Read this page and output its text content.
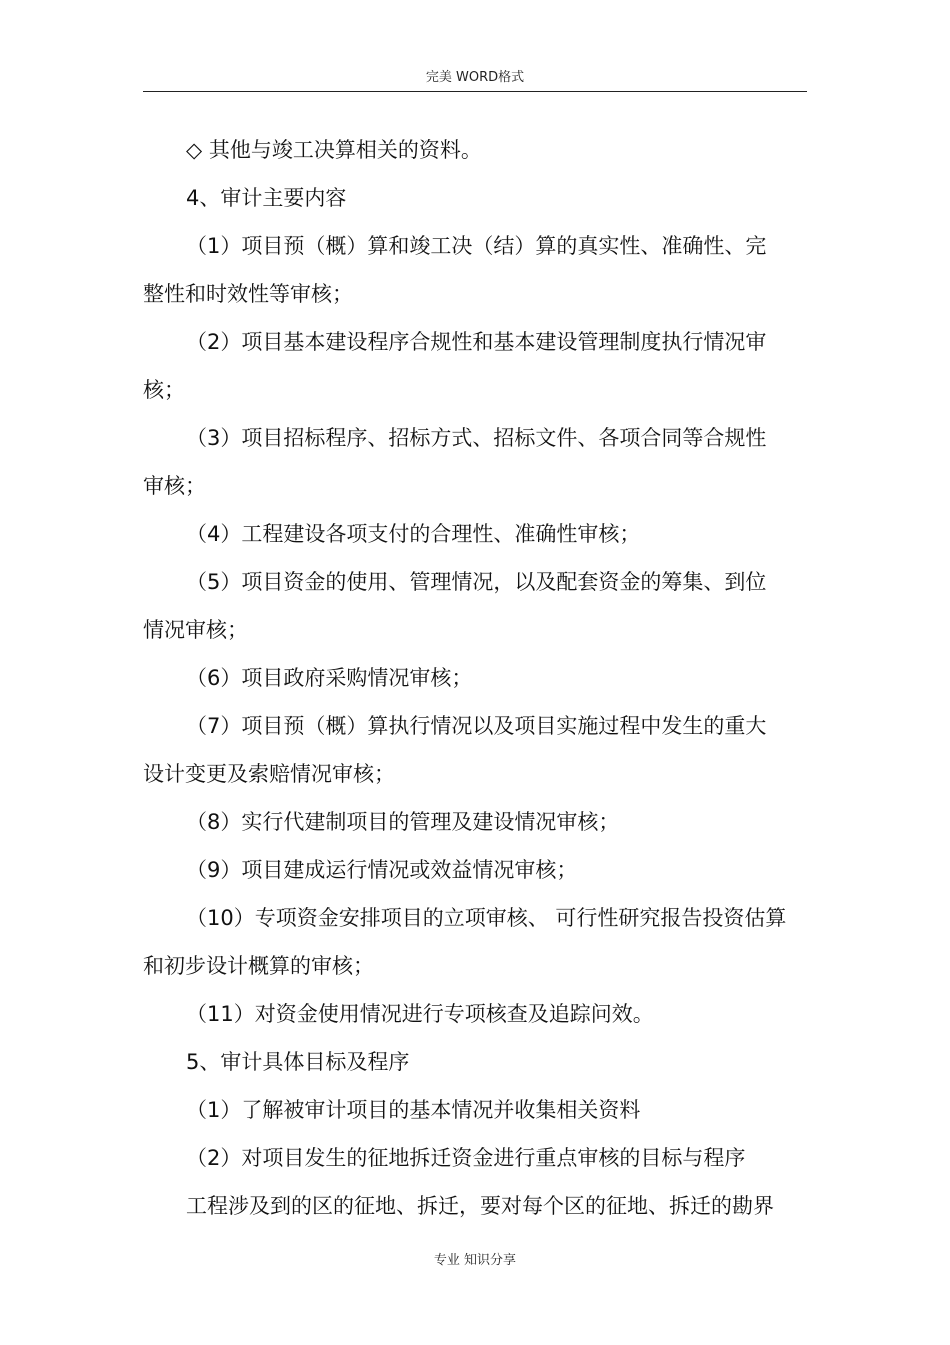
完美 WORD格式
◇ 其他与竣工决算相关的资料。
4、审计主要内容
（1）项目预（概）算和竣工决（结）算的真实性、准确性、完
整性和时效性等审核；
（2）项目基本建设程序合规性和基本建设管理制度执行情况审
核；
（3）项目招标程序、招标方式、招标文件、各项合同等合规性
审核；
（4）工程建设各项支付的合理性、准确性审核；
（5）项目资金的使用、管理情况，以及配套资金的筹集、到位
情况审核；
（6）项目政府采购情况审核；
（7）项目预（概）算执行情况以及项目实施过程中发生的重大
设计变更及索赔情况审核；
（8）实行代建制项目的管理及建设情况审核；
（9）项目建成运行情况或效益情况审核；
（10）专项资金安排项目的立项审核、 可行性研究报告投资估算
和初步设计概算的审核；
（11）对资金使用情况进行专项核查及追踪问效。
5、审计具体目标及程序
（1）了解被审计项目的基本情况并收集相关资料
（2）对项目发生的征地拆迁资金进行重点审核的目标与程序
工程涉及到的区的征地、拆迁，要对每个区的征地、拆迁的勘界
专业 知识分享
